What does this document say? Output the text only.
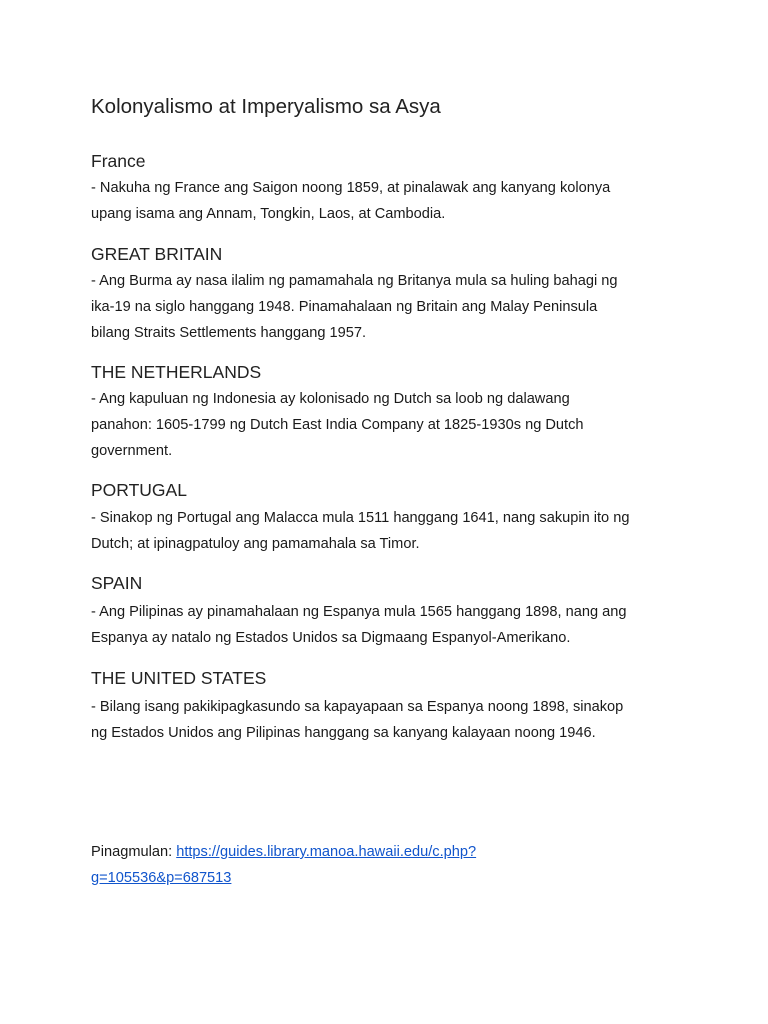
Kolonyalismo at Imperyalismo sa Asya
France
- Nakuha ng France ang Saigon noong 1859, at pinalawak ang kanyang kolonya
upang isama ang Annam, Tongkin, Laos, at Cambodia.
GREAT BRITAIN
- Ang Burma ay nasa ilalim ng pamamahala ng Britanya mula sa huling bahagi ng
ika-19 na siglo hanggang 1948. Pinamahalaan ng Britain ang Malay Peninsula
bilang Straits Settlements hanggang 1957.
THE NETHERLANDS
- Ang kapuluan ng Indonesia ay kolonisado ng Dutch sa loob ng dalawang
panahon: 1605-1799 ng Dutch East India Company at 1825-1930s ng Dutch
government.
PORTUGAL
- Sinakop ng Portugal ang Malacca mula 1511 hanggang 1641, nang sakupin ito ng
Dutch; at ipinagpatuloy ang pamamahala sa Timor.
SPAIN
- Ang Pilipinas ay pinamahalaan ng Espanya mula 1565 hanggang 1898, nang ang
Espanya ay natalo ng Estados Unidos sa Digmaang Espanyol-Amerikano.
THE UNITED STATES
- Bilang isang pakikipagkasundo sa kapayapaan sa Espanya noong 1898, sinakop
ng Estados Unidos ang Pilipinas hanggang sa kanyang kalayaan noong 1946.
Pinagmulan: https://guides.library.manoa.hawaii.edu/c.php?
g=105536&p=687513
